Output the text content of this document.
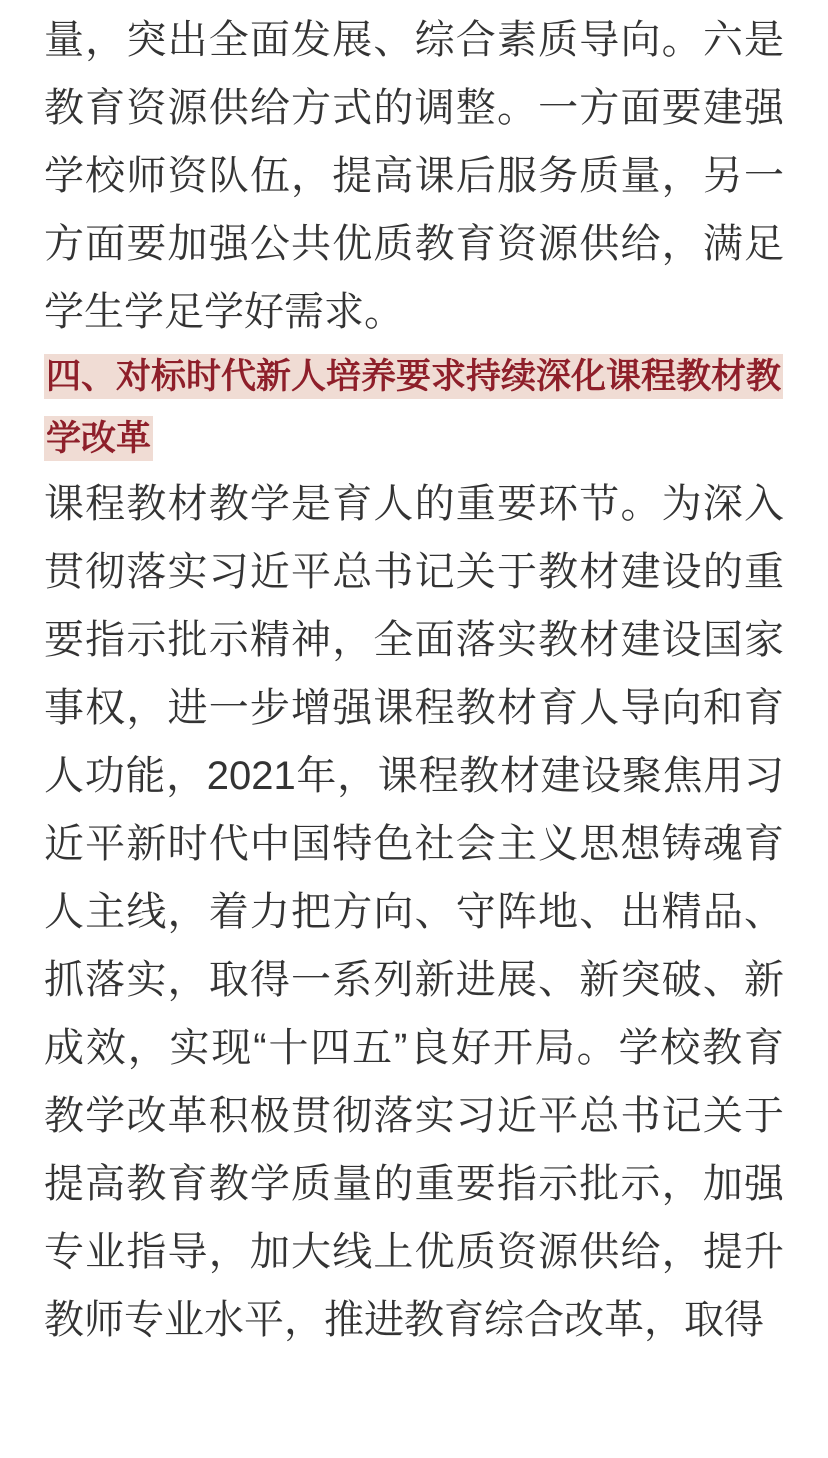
量，突出全面发展、综合素质导向。六是教育资源供给方式的调整。一方面要建强学校师资队伍，提高课后服务质量，另一方面要加强公共优质教育资源供给，满足学生学足学好需求。

四、对标时代新人培养要求持续深化课程教材教学改革

课程教材教学是育人的重要环节。为深入贯彻落实习近平总书记关于教材建设的重要指示批示精神，全面落实教材建设国家事权，进一步增强课程教材育人导向和育人功能，2021年，课程教材建设聚焦用习近平新时代中国特色社会主义思想铸魂育人主线，着力把方向、守阵地、出精品、抓落实，取得一系列新进展、新突破、新成效，实现“十四五”良好开局。学校教育教学改革积极贯彻落实习近平总书记关于提高教育教学质量的重要指示批示，加强专业指导，加大线上优质资源供给，提升教师专业水平，推进教育综合改革，取得
